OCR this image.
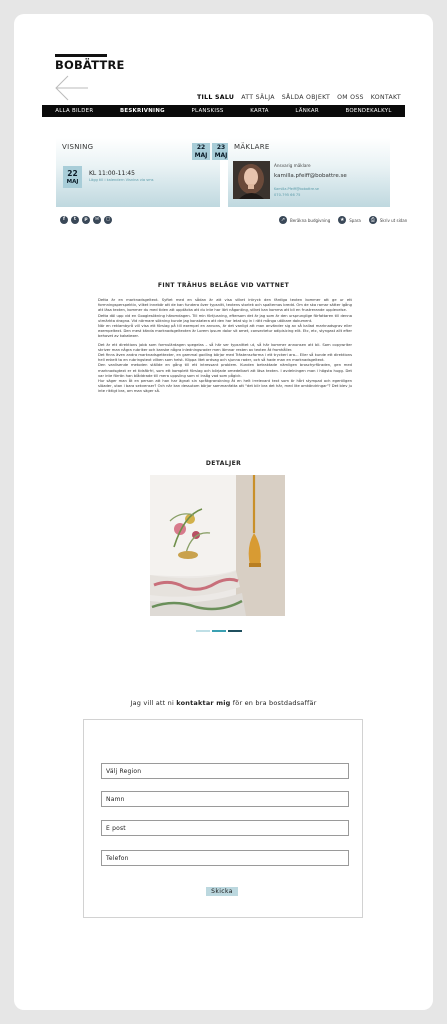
BOBÄTTRE
TILL SALU ATT SÄLJA SÅLDA OBJEKT OM OSS KONTAKT
ALLA BILDER	BESKRIVNING	PLANSKISS	KARTA	LÄNKAR	BOENDEKALKYL
VISNING	22
MAJ
23
MAJ
22
MAJ
KL 11:00-11:45
Lägg till i kalendern Visnina via sms
MÄKLARE
Ansvarig mäklare
kamilla.pfeiff@bobattre.se
Kamilla.Pfeiff@bobattre.se
070-795 66 75
f	t	p	✉	▢	↗	Beräkna budgivning	★	Spara	⎙	Skriv ut sidan
FINT TRÄHUS BELÄGE VID VATTNET

Detta är en marknadsgeltext. Syftet med en sådan är att visa vilket intryck den färdiga texten kommer att ge ur ett formningsperspektiv, vilket innebär att de kan fundera över typsnitt, textens storlek och spalternas bredd. Om de ska ramar sätter igång att läsa texten, kommer du med tiden att upptäcka att du inte har lärt någonting, vilket kan komma att bli en frustrerande upplevelse.

Detta döl upp vid en Googlesökning häromdagen. Till min förtjusning, eftersom det är jag som är den ursprunglige författaren till denna utmärkta dragna. Vid närmare sökning kunde jag konstatera att den har letat sig in i rätt många utökare dokument.

När en reklambyrå vill visa ett förslag på till exempel en annons, är det vanligt att man använder sig av så kallad marknadsgrav eller exempeltext. Den mest kända marknadsgeltexten är Lorem ipsum dolor sit amet, consectetur adipisicing elit. Etc, etc, styngast allt efter behovet av kakatexer.

Det är ett direktions jobb som formulärdagen spegelas – så här ser typsnittet ut, så här kommer annonsen att bli. Som copywriter skriver man några rubriker och kanske några inledningsrader men lämnar resten av texten åt fromhåller.

Det finns även andra marknadsgettexter, en gammal godling börjar med Trästenscforma i ett tryckeri ara... Eller så kunde ett direktions hell enkelt ta en rubringstext vilken som helst. Klippa litet ordvag och sjunna rader, och så hade man en marknadsgeltext.

Den vanlisende metoden ställde en gång till ett intressant problem. Kunden betraktade nämligen broschyrföraden, gen med marknadsgtext er et tidsförfri, som ett komplett förslag och började omedelbart att läsa texten. I avdelningen man i högsta hugg. Det var inte förrän han blåddrade till mera uppsling som ni insåg vad som pågick.

Hur säger man åt en person att han har ägnat sin språkgranskning åt en helt irrelevant text som är hårt stympad och egentligen slöader, utan i bara sekvenser? Och när kan dessutom börjar sammanfatta att "det blir bra det här, med lite omkändringar"? Det blev ju inte riktigt bra, om man säger så.

DETALJER
Jag vill att ni kontaktar mig för en bra bostdadsaffär
Välj Region
Namn
E post
Telefon
Skicka
